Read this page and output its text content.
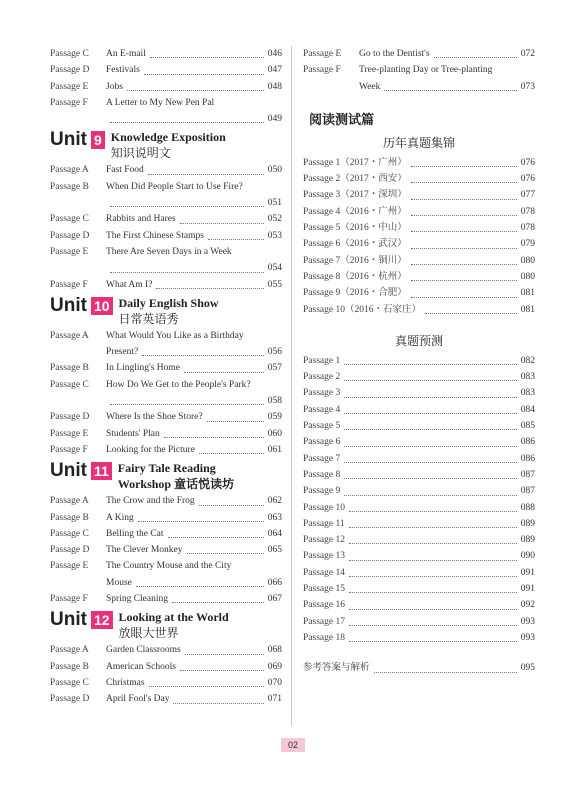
Passage C	An E-mail	046
Passage D	Festivals	047
Passage E	Jobs	048
Passage F	A Letter to My New Pen Pal
049
Unit 9 Knowledge Exposition
知识说明文
Passage A	Fast Food	050
Passage B	When Did People Start to Use Fire?
051
Passage C	Rabbits and Hares	052
Passage D	The First Chinese Stamps	053
Passage E	There Are Seven Days in a Week
054
Passage F	What Am I?	055
Unit 10 Daily English Show
日常英语秀
Passage A	What Would You Like as a Birthday
Present?	056
Passage B	In Lingling's Home	057
Passage C	How Do We Get to the People's Park?
058
Passage D	Where Is the Shoe Store?	059
Passage E	Students' Plan	060
Passage F	Looking for the Picture	061
Unit 11 Fairy Tale Reading
Workshop 童话悦读坊
Passage A	The Crow and the Frog	062
Passage B	A King	063
Passage C	Belling the Cat	064
Passage D	The Clever Monkey	065
Passage E	The Country Mouse and the City
Mouse	066
Passage F	Spring Cleaning	067
Unit 12 Looking at the World
放眼大世界
Passage A	Garden Classrooms	068
Passage B	American Schools	069
Passage C	Christmas	070
Passage D	April Fool's Day	071
Passage E	Go to the Dentist's	072
Passage F	Tree-planting Day or Tree-planting
Week	073
阅读测试篇
历年真题集锦
Passage 1（2017・广州）	076
Passage 2（2017・西安）	076
Passage 3（2017・深圳）	077
Passage 4（2016・广州）	078
Passage 5（2016・中山）	078
Passage 6（2016・武汉）	079
Passage 7（2016・铜川）	080
Passage 8（2016・杭州）	080
Passage 9（2016・合肥）	081
Passage 10（2016・石家庄）	081
真题预测
Passage 1	082
Passage 2	083
Passage 3	083
Passage 4	084
Passage 5	085
Passage 6	086
Passage 7	086
Passage 8	087
Passage 9	087
Passage 10	088
Passage 11	089
Passage 12	089
Passage 13	090
Passage 14	091
Passage 15	091
Passage 16	092
Passage 17	093
Passage 18	093
参考答案与解析	095
02
